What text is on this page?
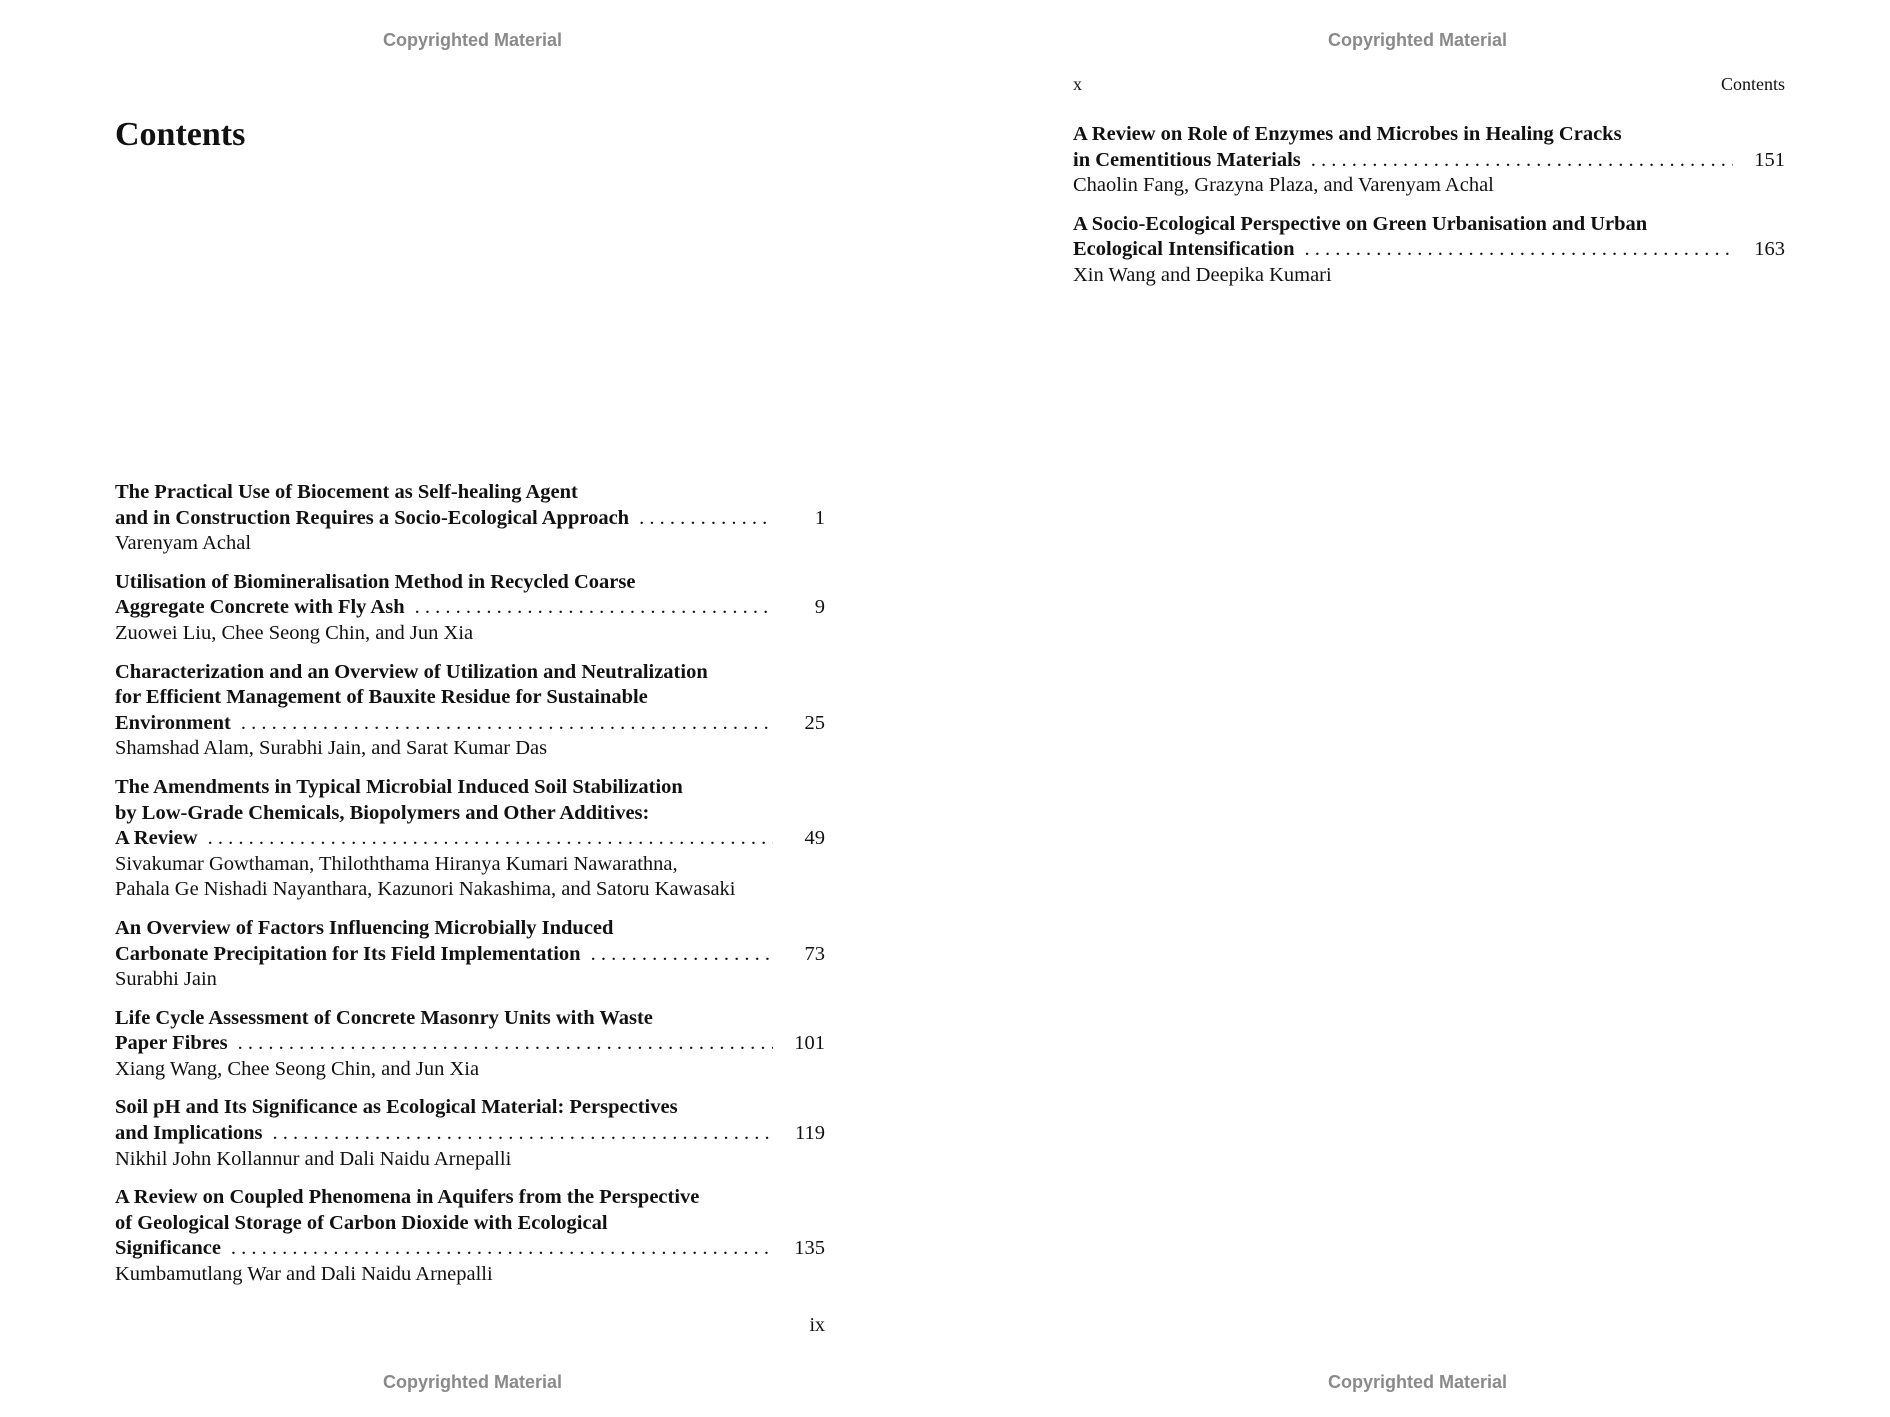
Copyrighted Material
Contents
The Practical Use of Biocement as Self-healing Agent
and in Construction Requires a Socio-Ecological Approach . . .	1
Varenyam Achal
Utilisation of Biomineralisation Method in Recycled Coarse
Aggregate Concrete with Fly Ash . . .	9
Zuowei Liu, Chee Seong Chin, and Jun Xia
Characterization and an Overview of Utilization and Neutralization
for Efficient Management of Bauxite Residue for Sustainable
Environment . . .	25
Shamshad Alam, Surabhi Jain, and Sarat Kumar Das
The Amendments in Typical Microbial Induced Soil Stabilization
by Low-Grade Chemicals, Biopolymers and Other Additives:
A Review . . .	49
Sivakumar Gowthaman, Thiloththama Hiranya Kumari Nawarathna,
Pahala Ge Nishadi Nayanthara, Kazunori Nakashima, and Satoru Kawasaki
An Overview of Factors Influencing Microbially Induced
Carbonate Precipitation for Its Field Implementation . . .	73
Surabhi Jain
Life Cycle Assessment of Concrete Masonry Units with Waste
Paper Fibres . . .	101
Xiang Wang, Chee Seong Chin, and Jun Xia
Soil pH and Its Significance as Ecological Material: Perspectives
and Implications . . .	119
Nikhil John Kollannur and Dali Naidu Arnepalli
A Review on Coupled Phenomena in Aquifers from the Perspective
of Geological Storage of Carbon Dioxide with Ecological
Significance . . .	135
Kumbamutlang War and Dali Naidu Arnepalli
ix
Copyrighted Material
Copyrighted Material
x	Contents
A Review on Role of Enzymes and Microbes in Healing Cracks
in Cementitious Materials . . .	151
Chaolin Fang, Grazyna Plaza, and Varenyam Achal
A Socio-Ecological Perspective on Green Urbanisation and Urban
Ecological Intensification . . .	163
Xin Wang and Deepika Kumari
Copyrighted Material
